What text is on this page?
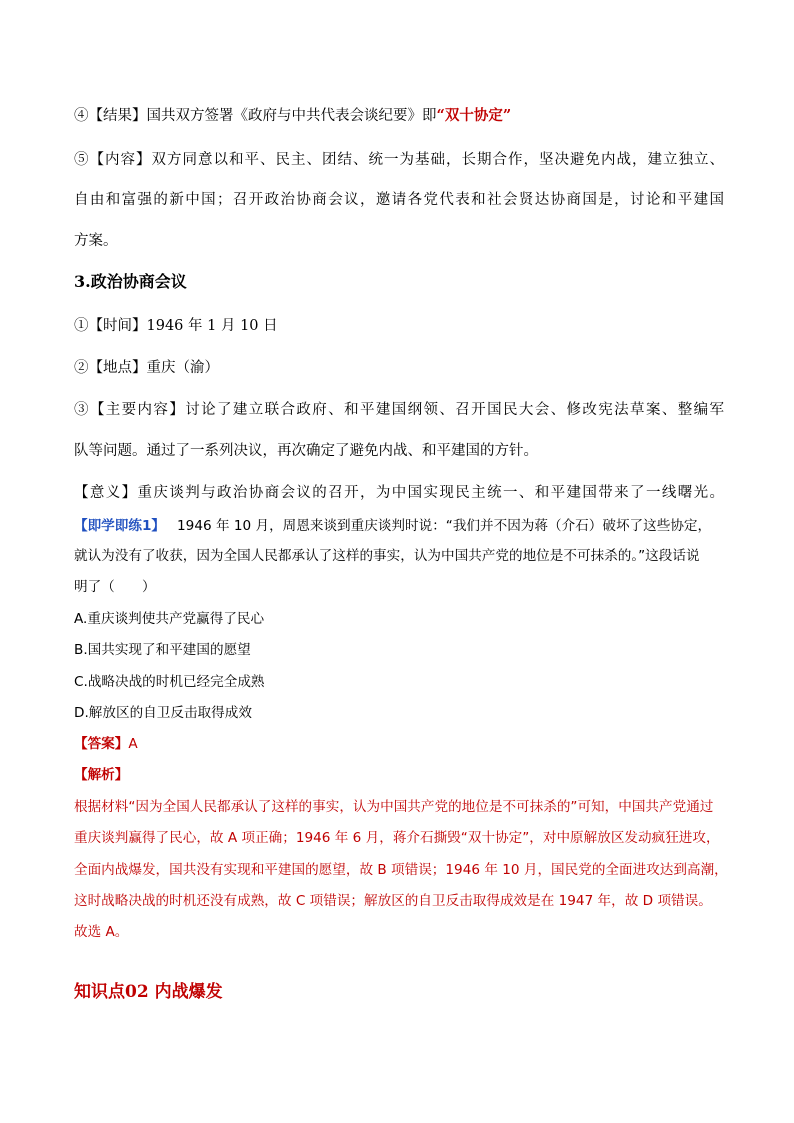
④【结果】国共双方签署《政府与中共代表会谈纪要》即“双十协定”
⑤【内容】双方同意以和平、民主、团结、统一为基础，长期合作，坚决避免内战，建立独立、
自由和富强的新中国；召开政治协商会议，邀请各党代表和社会贤达协商国是，讨论和平建国
方案。
3.政治协商会议
①【时间】1946 年 1 月 10 日
②【地点】重庆（渝）
③【主要内容】讨论了建立联合政府、和平建国纲领、召开国民大会、修改宪法草案、整编军
队等问题。通过了一系列决议，再次确定了避免内战、和平建国的方针。
【意义】重庆谈判与政治协商会议的召开，为中国实现民主统一、和平建国带来了一线曙光。
【即学即练1】 1946 年 10 月，周恩来谈到重庆谈判时说：“我们并不因为蒋（介石）破坏了这些协定，
就认为没有了收获，因为全国人民都承认了这样的事实，认为中国共产党的地位是不可抹杀的。”这段话说
明了（　　）
A.重庆谈判使共产党赢得了民心
B.国共实现了和平建国的愿望
C.战略决战的时机已经完全成熟
D.解放区的自卫反击取得成效
【答案】A
【解析】
根据材料“因为全国人民都承认了这样的事实，认为中国共产党的地位是不可抹杀的”可知，中国共产党通过
重庆谈判赢得了民心，故 A 项正确；1946 年 6 月，蒋介石撕毁“双十协定”，对中原解放区发动疯狂进攻，
全面内战爆发，国共没有实现和平建国的愿望，故 B 项错误；1946 年 10 月，国民党的全面进攻达到高潮，
这时战略决战的时机还没有成熟，故 C 项错误；解放区的自卫反击取得成效是在 1947 年，故 D 项错误。
故选 A。
知识点02 内战爆发
